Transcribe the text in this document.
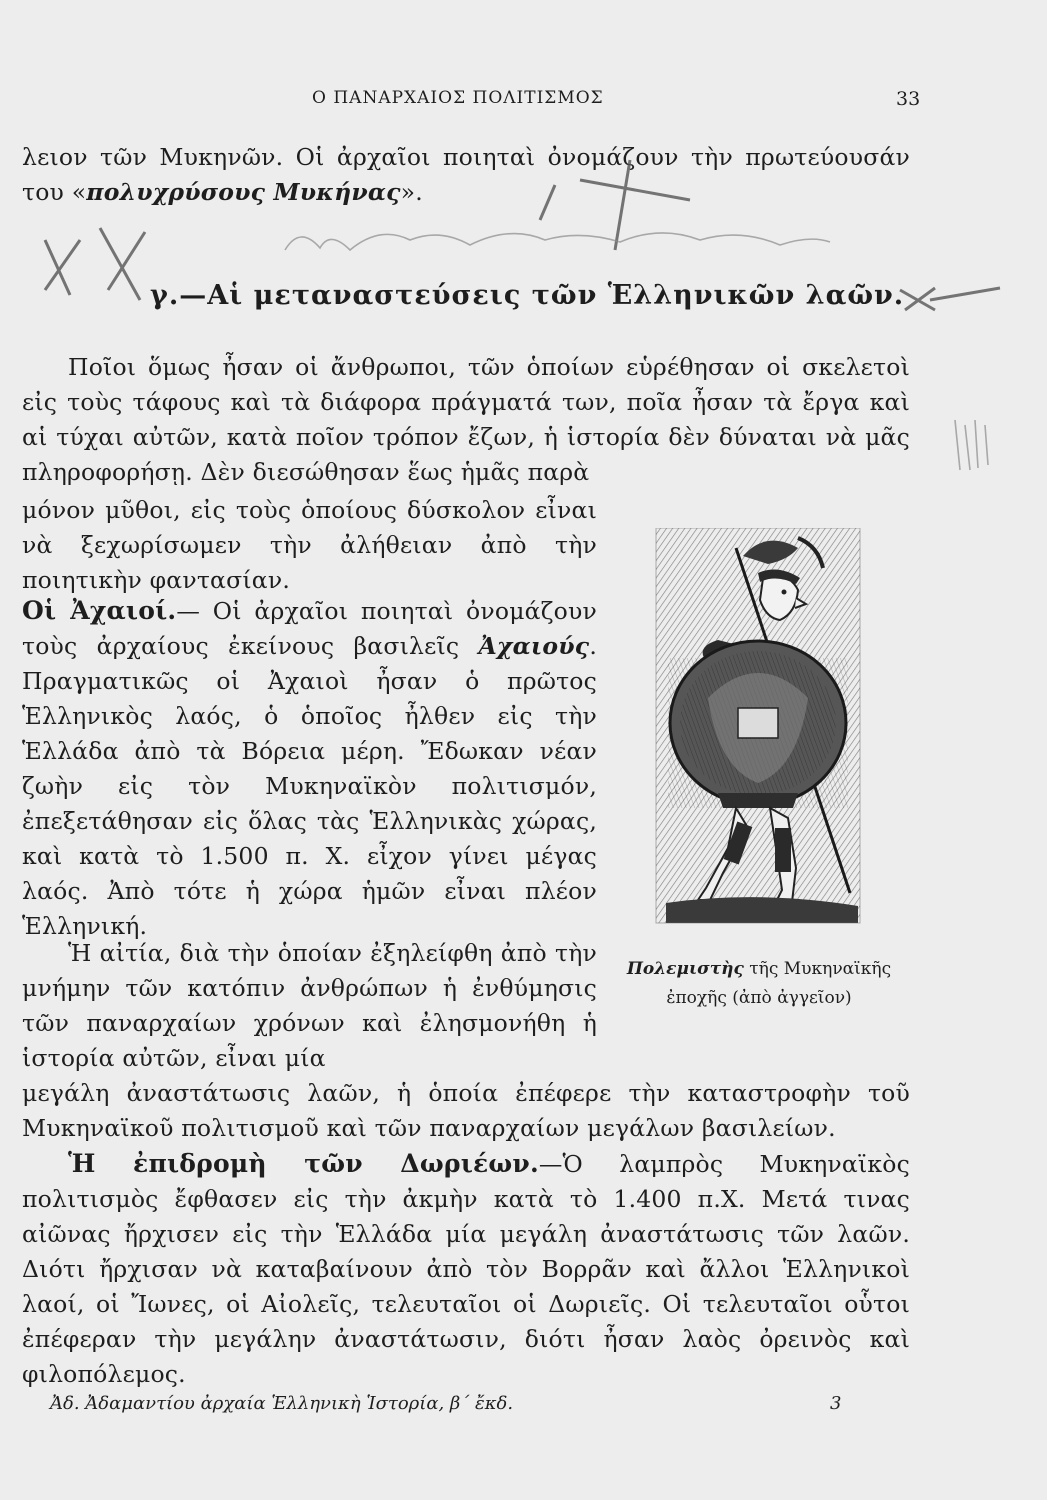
Ο ΠΑΝΑΡΧΑΙΟΣ ΠΟΛΙΤΙΣΜΟΣ	33
λειον τῶν Μυκηνῶν. Οἱ ἀρχαῖοι ποιηταὶ ὀνομάζουν τὴν πρωτεύουσάν του «πολυχρύσους Μυκήνας».
γ.—Αἱ μεταναστεύσεις τῶν Ἑλληνικῶν λαῶν.
Ποῖοι ὅμως ἦσαν οἱ ἄνθρωποι, τῶν ὁποίων εὑρέθησαν οἱ σκελετοὶ εἰς τοὺς τάφους καὶ τὰ διάφορα πράγματά των, ποῖα ἦσαν τὰ ἔργα καὶ αἱ τύχαι αὐτῶν, κατὰ ποῖον τρόπον ἔζων, ἡ ἱστορία δὲν δύναται νὰ μᾶς πληροφορήσῃ. Δὲν διεσώθησαν ἕως ἡμᾶς παρὰ
μόνον μῦθοι, εἰς τοὺς ὁποίους δύσκολον εἶναι νὰ ξεχωρίσωμεν τὴν ἀλήθειαν ἀπὸ τὴν ποιητικὴν φαντασίαν.
Οἱ Ἀχαιοί.— Οἱ ἀρχαῖοι ποιηταὶ ὀνομάζουν τοὺς ἀρχαίους ἐκείνους βασιλεῖς Ἀχαιούς. Πραγματικῶς οἱ Ἀχαιοὶ ἦσαν ὁ πρῶτος Ἑλληνικὸς λαός, ὁ ὁποῖος ἦλθεν εἰς τὴν Ἑλλάδα ἀπὸ τὰ Βόρεια μέρη. Ἔδωκαν νέαν ζωὴν εἰς τὸν Μυκηναϊκὸν πολιτισμόν, ἐπεξετάθησαν εἰς ὅλας τὰς Ἑλληνικὰς χώρας, καὶ κατὰ τὸ 1.500 π. Χ. εἶχον γίνει μέγας λαός. Ἀπὸ τότε ἡ χώρα ἡμῶν εἶναι πλέον Ἑλληνική.
Ἡ αἰτία, διὰ τὴν ὁποίαν ἐξηλείφθη ἀπὸ τὴν μνήμην τῶν κατόπιν ἀνθρώπων ἡ ἐνθύμησις τῶν παναρχαίων χρόνων καὶ ἐλησμονήθη ἡ ἱστορία αὐτῶν, εἶναι μία
μεγάλη ἀναστάτωσις λαῶν, ἡ ὁποία ἐπέφερε τὴν καταστροφὴν τοῦ Μυκηναϊκοῦ πολιτισμοῦ καὶ τῶν παναρχαίων μεγάλων βασιλείων.
Ἡ ἐπιδρομὴ τῶν Δωριέων.—Ὁ λαμπρὸς Μυκηναϊκὸς πολιτισμὸς ἔφθασεν εἰς τὴν ἀκμὴν κατὰ τὸ 1.400 π.Χ. Μετά τινας αἰῶνας ἤρχισεν εἰς τὴν Ἑλλάδα μία μεγάλη ἀναστάτωσις τῶν λαῶν. Διότι ἤρχισαν νὰ καταβαίνουν ἀπὸ τὸν Βορρᾶν καὶ ἄλλοι Ἑλληνικοὶ λαοί, οἱ Ἴωνες, οἱ Αἰολεῖς, τελευταῖοι οἱ Δωριεῖς. Οἱ τελευταῖοι οὗτοι ἐπέφεραν τὴν μεγάλην ἀναστάτωσιν, διότι ἦσαν λαὸς ὀρεινὸς καὶ φιλοπόλεμος.
Πολεμιστὴς τῆς Μυκηναϊκῆς ἐποχῆς (ἀπὸ ἀγγεῖον)
Ἀδ. Ἀδαμαντίου ἀρχαία Ἑλληνικὴ Ἱστορία, β΄ ἔκδ.	3
